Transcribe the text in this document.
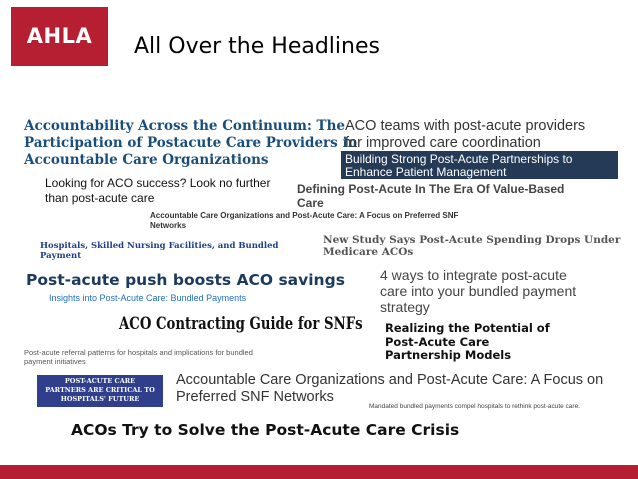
AHLA	All Over the Headlines
Accountability Across the Continuum: The
Participation of Postacute Care Providers in
Accountable Care Organizations
ACO teams with post-acute providers
for improved care coordination
Building Strong Post-Acute Partnerships to
Enhance Patient Management
Looking for ACO success? Look no further
than post-acute care
Defining Post-Acute In The Era Of Value-Based
Care
Accountable Care Organizations and Post-Acute Care: A Focus on Preferred SNF
Networks
New Study Says Post-Acute Spending Drops Under
Medicare ACOs
Hospitals, Skilled Nursing Facilities, and Bundled
Payment
Post-acute push boosts ACO savings
Insights into Post-Acute Care: Bundled Payments
4 ways to integrate post-acute
care into your bundled payment
strategy
ACO Contracting Guide for SNFs Realizing the Potential of
Post-Acute Care
Partnership Models
Post-acute referral patterns for hospitals and implications for bundled
payment initiatives
POST-ACUTE CARE
PARTNERS ARE CRITICAL TO
HOSPITALS' FUTURE
Accountable Care Organizations and Post-Acute Care: A Focus on
Preferred SNF Networks
Mandated bundled payments compel hospitals to rethink post-acute care.
ACOs Try to Solve the Post-Acute Care Crisis
